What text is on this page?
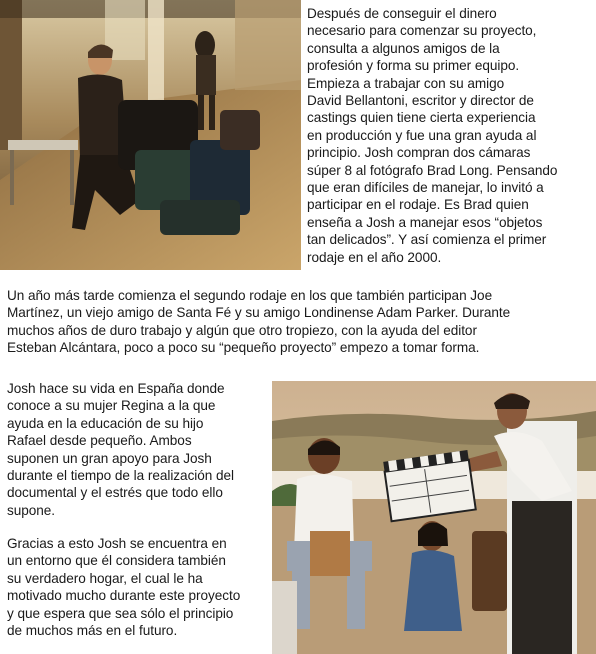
Después de conseguir el dinero
necesario para comenzar su proyecto,
consulta a algunos amigos de la
profesión y forma su primer equipo.
Empieza a trabajar con su amigo
David Bellantoni, escritor y director de
castings quien tiene cierta experiencia
en producción y fue una gran ayuda al
principio. Josh compran dos cámaras
súper 8 al fotógrafo Brad Long. Pensando
que eran difíciles de manejar, lo invitó a
participar en el rodaje. Es Brad quien
enseña a Josh a manejar esos “objetos
tan delicados”. Y así comienza el primer
rodaje en el año 2000.

Un año más tarde comienza el segundo rodaje en los que también participan Joe
Martínez, un viejo amigo de Santa Fé y su amigo Londinense Adam Parker. Durante
muchos años de duro trabajo y algún que otro tropiezo, con la ayuda del editor
Esteban Alcántara, poco a poco su “pequeño proyecto” empezo a tomar forma.

Josh hace su vida en España donde
conoce a su mujer Regina a la que
ayuda en la educación de su hijo
Rafael desde pequeño. Ambos
suponen un gran apoyo para Josh
durante el tiempo de la realización del
documental y el estrés que todo ello
supone.

Gracias a esto Josh se encuentra en
un entorno que él considera también
su verdadero hogar, el cual le ha
motivado mucho durante este proyecto
y que espera que sea sólo el principio
de muchos más en el futuro.
